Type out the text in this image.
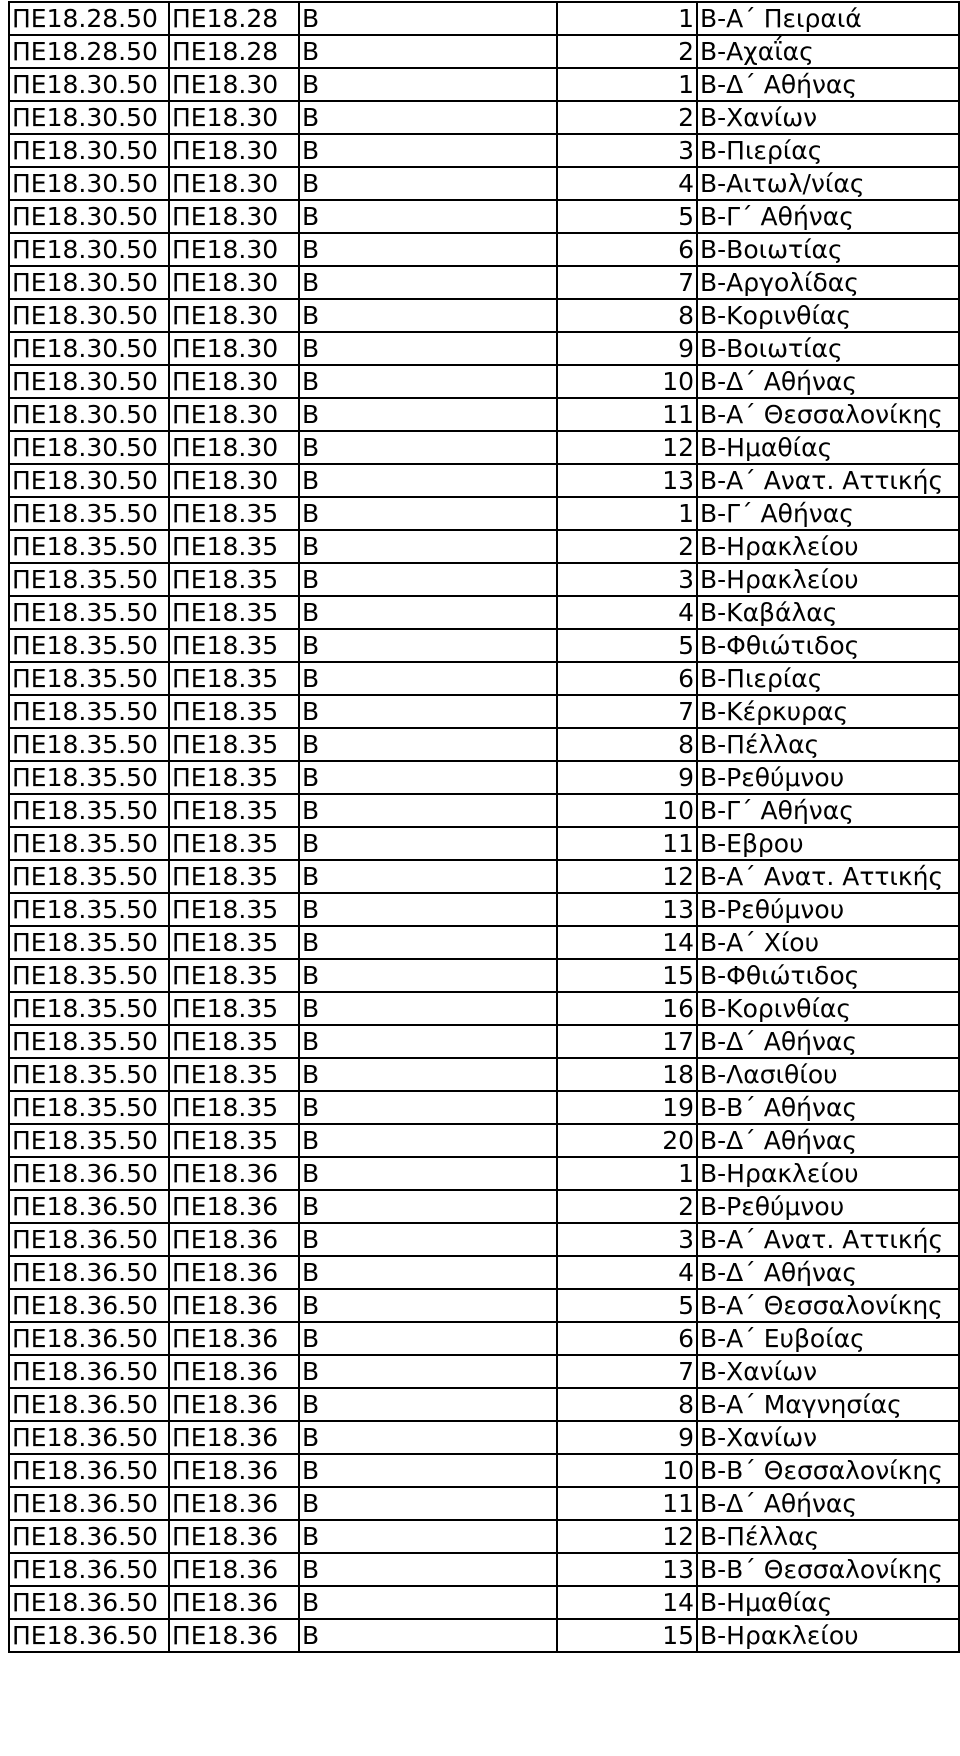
ΠΕ18.28.50	ΠΕ18.28	Β		1	Β-Α΄ Πειραιά
ΠΕ18.28.50	ΠΕ18.28	Β		2	Β-Αχαΐας
ΠΕ18.30.50	ΠΕ18.30	Β		1	Β-Δ΄ Αθήνας
ΠΕ18.30.50	ΠΕ18.30	Β		2	Β-Χανίων
ΠΕ18.30.50	ΠΕ18.30	Β		3	Β-Πιερίας
ΠΕ18.30.50	ΠΕ18.30	Β		4	Β-Αιτωλ/νίας
ΠΕ18.30.50	ΠΕ18.30	Β		5	Β-Γ΄ Αθήνας
ΠΕ18.30.50	ΠΕ18.30	Β		6	Β-Βοιωτίας
ΠΕ18.30.50	ΠΕ18.30	Β		7	Β-Αργολίδας
ΠΕ18.30.50	ΠΕ18.30	Β		8	Β-Κορινθίας
ΠΕ18.30.50	ΠΕ18.30	Β		9	Β-Βοιωτίας
ΠΕ18.30.50	ΠΕ18.30	Β		10	Β-Δ΄ Αθήνας
ΠΕ18.30.50	ΠΕ18.30	Β		11	Β-Α΄ Θεσσαλονίκης
ΠΕ18.30.50	ΠΕ18.30	Β		12	Β-Ημαθίας
ΠΕ18.30.50	ΠΕ18.30	Β		13	Β-Α΄ Ανατ. Αττικής
ΠΕ18.35.50	ΠΕ18.35	Β		1	Β-Γ΄ Αθήνας
ΠΕ18.35.50	ΠΕ18.35	Β		2	Β-Ηρακλείου
ΠΕ18.35.50	ΠΕ18.35	Β		3	Β-Ηρακλείου
ΠΕ18.35.50	ΠΕ18.35	Β		4	Β-Καβάλας
ΠΕ18.35.50	ΠΕ18.35	Β		5	Β-Φθιώτιδος
ΠΕ18.35.50	ΠΕ18.35	Β		6	Β-Πιερίας
ΠΕ18.35.50	ΠΕ18.35	Β		7	Β-Κέρκυρας
ΠΕ18.35.50	ΠΕ18.35	Β		8	Β-Πέλλας
ΠΕ18.35.50	ΠΕ18.35	Β		9	Β-Ρεθύμνου
ΠΕ18.35.50	ΠΕ18.35	Β		10	Β-Γ΄ Αθήνας
ΠΕ18.35.50	ΠΕ18.35	Β		11	Β-Εβρου
ΠΕ18.35.50	ΠΕ18.35	Β		12	Β-Α΄ Ανατ. Αττικής
ΠΕ18.35.50	ΠΕ18.35	Β		13	Β-Ρεθύμνου
ΠΕ18.35.50	ΠΕ18.35	Β		14	Β-Α΄ Χίου
ΠΕ18.35.50	ΠΕ18.35	Β		15	Β-Φθιώτιδος
ΠΕ18.35.50	ΠΕ18.35	Β		16	Β-Κορινθίας
ΠΕ18.35.50	ΠΕ18.35	Β		17	Β-Δ΄ Αθήνας
ΠΕ18.35.50	ΠΕ18.35	Β		18	Β-Λασιθίου
ΠΕ18.35.50	ΠΕ18.35	Β		19	Β-Β΄ Αθήνας
ΠΕ18.35.50	ΠΕ18.35	Β		20	Β-Δ΄ Αθήνας
ΠΕ18.36.50	ΠΕ18.36	Β		1	Β-Ηρακλείου
ΠΕ18.36.50	ΠΕ18.36	Β		2	Β-Ρεθύμνου
ΠΕ18.36.50	ΠΕ18.36	Β		3	Β-Α΄ Ανατ. Αττικής
ΠΕ18.36.50	ΠΕ18.36	Β		4	Β-Δ΄ Αθήνας
ΠΕ18.36.50	ΠΕ18.36	Β		5	Β-Α΄ Θεσσαλονίκης
ΠΕ18.36.50	ΠΕ18.36	Β		6	Β-Α΄ Ευβοίας
ΠΕ18.36.50	ΠΕ18.36	Β		7	Β-Χανίων
ΠΕ18.36.50	ΠΕ18.36	Β		8	Β-Α΄ Μαγνησίας
ΠΕ18.36.50	ΠΕ18.36	Β		9	Β-Χανίων
ΠΕ18.36.50	ΠΕ18.36	Β		10	Β-Β΄ Θεσσαλονίκης
ΠΕ18.36.50	ΠΕ18.36	Β		11	Β-Δ΄ Αθήνας
ΠΕ18.36.50	ΠΕ18.36	Β		12	Β-Πέλλας
ΠΕ18.36.50	ΠΕ18.36	Β		13	Β-Β΄ Θεσσαλονίκης
ΠΕ18.36.50	ΠΕ18.36	Β		14	Β-Ημαθίας
ΠΕ18.36.50	ΠΕ18.36	Β		15	Β-Ηρακλείου
